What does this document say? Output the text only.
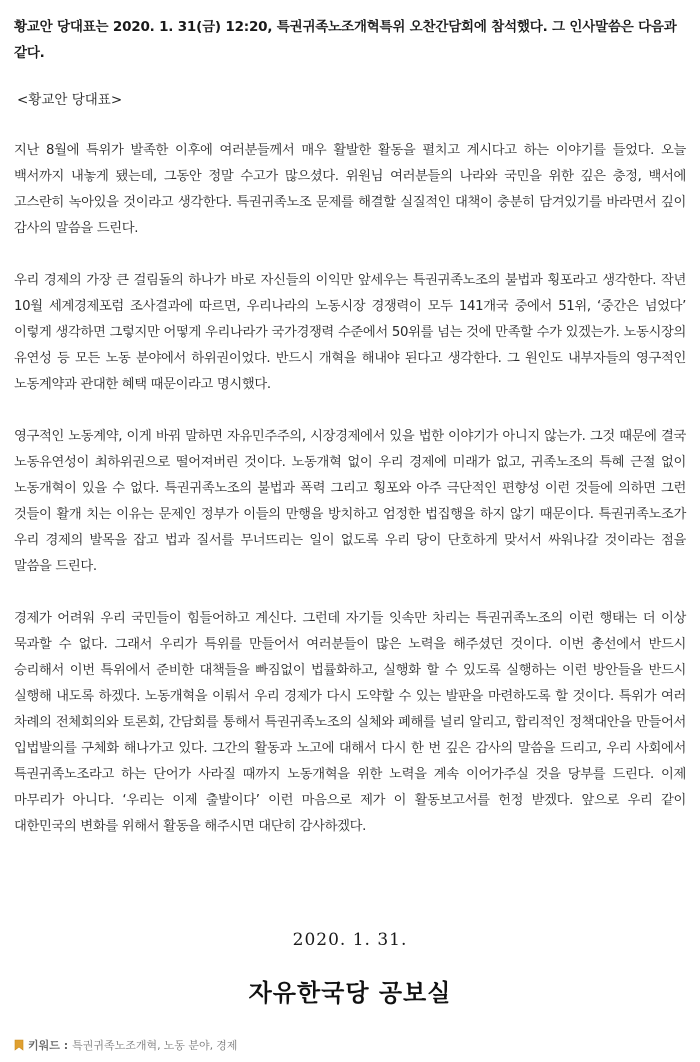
황교안 당대표는 2020. 1. 31(금) 12:20, 특권귀족노조개혁특위 오찬간담회에 참석했다. 그 인사말씀은 다음과 같다.

<황교안 당대표>

지난 8월에 특위가 발족한 이후에 여러분들께서 매우 활발한 활동을 펼치고 계시다고 하는 이야기를 들었다. 오늘 백서까지 내놓게 됐는데, 그동안 정말 수고가 많으셨다. 위원님 여러분들의 나라와 국민을 위한 깊은 충정, 백서에 고스란히 녹아있을 것이라고 생각한다. 특권귀족노조 문제를 해결할 실질적인 대책이 충분히 담겨있기를 바라면서 깊이 감사의 말씀을 드린다.

우리 경제의 가장 큰 걸림돌의 하나가 바로 자신들의 이익만 앞세우는 특권귀족노조의 불법과 횡포라고 생각한다. 작년 10월 세계경제포럼 조사결과에 따르면, 우리나라의 노동시장 경쟁력이 모두 141개국 중에서 51위, ‘중간은 넘었다’ 이렇게 생각하면 그렇지만 어떻게 우리나라가 국가경쟁력 수준에서 50위를 넘는 것에 만족할 수가 있겠는가. 노동시장의 유연성 등 모든 노동 분야에서 하위권이었다. 반드시 개혁을 해내야 된다고 생각한다. 그 원인도 내부자들의 영구적인 노동계약과 관대한 혜택 때문이라고 명시했다.

영구적인 노동계약, 이게 바꿔 말하면 자유민주주의, 시장경제에서 있을 법한 이야기가 아니지 않는가. 그것 때문에 결국 노동유연성이 최하위권으로 떨어져버린 것이다. 노동개혁 없이 우리 경제에 미래가 없고, 귀족노조의 특혜 근절 없이 노동개혁이 있을 수 없다. 특권귀족노조의 불법과 폭력 그리고 횡포와 아주 극단적인 편향성 이런 것들에 의하면 그런 것들이 활개 치는 이유는 문제인 정부가 이들의 만행을 방치하고 엄정한 법집행을 하지 않기 때문이다. 특권귀족노조가 우리 경제의 발목을 잡고 법과 질서를 무너뜨리는 일이 없도록 우리 당이 단호하게 맞서서 싸워나갈 것이라는 점을 말씀을 드린다.

경제가 어려워 우리 국민들이 힘들어하고 계신다. 그런데 자기들 잇속만 차리는 특권귀족노조의 이런 행태는 더 이상 묵과할 수 없다. 그래서 우리가 특위를 만들어서 여러분들이 많은 노력을 해주셨던 것이다. 이번 총선에서 반드시 승리해서 이번 특위에서 준비한 대책들을 빠짐없이 법률화하고, 실행화 할 수 있도록 실행하는 이런 방안들을 반드시 실행해 내도록 하겠다. 노동개혁을 이뤄서 우리 경제가 다시 도약할 수 있는 발판을 마련하도록 할 것이다. 특위가 여러 차례의 전체회의와 토론회, 간담회를 통해서 특권귀족노조의 실체와 폐해를 널리 알리고, 합리적인 정책대안을 만들어서 입법발의를 구체화 해나가고 있다. 그간의 활동과 노고에 대해서 다시 한 번 깊은 감사의 말씀을 드리고, 우리 사회에서 특권귀족노조라고 하는 단어가 사라질 때까지 노동개혁을 위한 노력을 계속 이어가주실 것을 당부를 드린다. 이제 마무리가 아니다. ‘우리는 이제 출발이다’ 이런 마음으로 제가 이 활동보고서를 헌정 받겠다. 앞으로 우리 같이 대한민국의 변화를 위해서 활동을 해주시면 대단히 감사하겠다.

2020. 1. 31.
자유한국당 공보실
키워드 : 특권귀족노조개혁 , 노동 분야 , 경제
